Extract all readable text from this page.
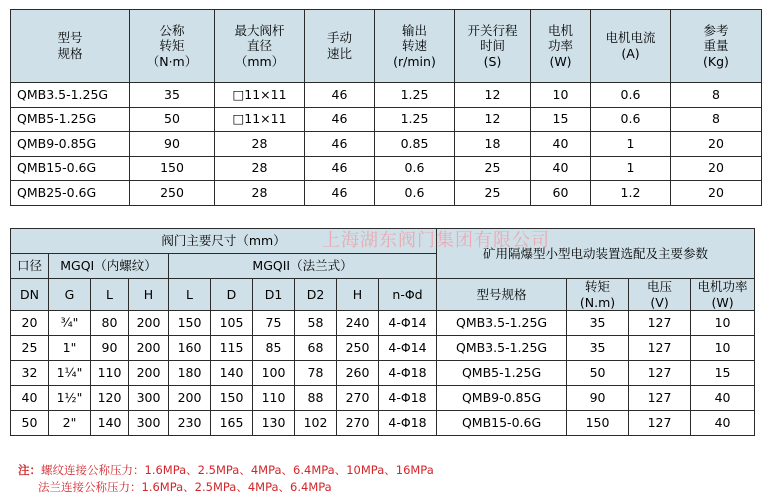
型号
规格	公称
转矩
（N·m）	最大阀杆
直径
（mm）	手动
速比	输出
转速
(r/min)	开关行程
时间
(S)	电机
功率
(W)	电机电流
(A)	参考
重量
(Kg)

QMB3.5-1.25G	35	□11×11	46	1.25	12	10	0.6	8
QMB5-1.25G	50	□11×11	46	1.25	12	15	0.6	8
QMB9-0.85G	90	28	46	0.85	18	40	1	20
QMB15-0.6G	150	28	46	0.6	25	40	1	20
QMB25-0.6G	250	28	46	0.6	25	60	1.2	20
阀门主要尺寸（mm）										矿用隔爆型小型电动装置选配及主要参数			
口径	MGQI（内螺纹）			MGQII（法兰式）									
DN	G	L	H	L	D	D1	D2	H	n-Φd	型号规格	转矩
(N.m)	电压
(V)	电机功率
(W)

20	¾"	80	200	150	105	75	58	240	4-Φ14	QMB3.5-1.25G	35	127	10
25	1"	90	200	160	115	85	68	250	4-Φ14	QMB3.5-1.25G	35	127	10
32	1¼"	110	200	180	140	100	78	260	4-Φ18	QMB5-1.25G	50	127	15
40	1½"	120	300	200	150	110	88	270	4-Φ18	QMB9-0.85G	90	127	40
50	2"	140	300	230	165	130	102	270	4-Φ18	QMB15-0.6G	150	127	40
上海湖东阀门集团有限公司
注：螺纹连接公称压力：1.6MPa、2.5MPa、4MPa、6.4MPa、10MPa、16MPa
法兰连接公称压力：1.6MPa、2.5MPa、4MPa、6.4MPa
